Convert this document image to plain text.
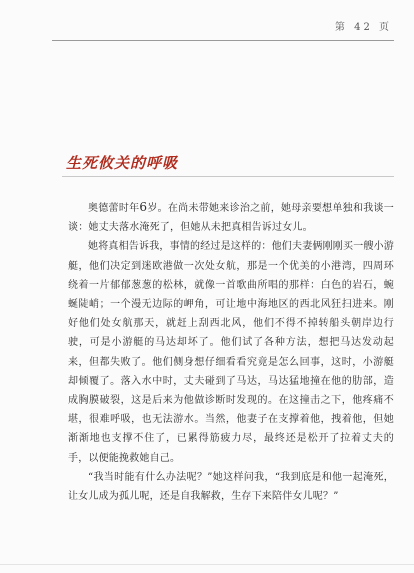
第 42 页
生死攸关的呼吸

奥德蕾时年6岁。在尚未带她来诊治之前，她母亲要想单独和我谈一谈：她丈夫落水淹死了，但她从未把真相告诉过女儿。

她将真相告诉我，事情的经过是这样的：他们夫妻俩刚刚买一艘小游艇，他们决定到迷欧港做一次处女航，那是一个优美的小港湾，四周环绕着一片郁郁葱葱的松林，就像一首歌曲所唱的那样：白色的岩石，蜿蜒陡峭；一个漫无边际的岬角，可让地中海地区的西北风狂扫进来。刚好他们处女航那天，就赶上刮西北风，他们不得不掉转船头朝岸边行驶，可是小游艇的马达却坏了。他们试了各种方法，想把马达发动起来，但都失败了。他们侧身想仔细看看究竟是怎么回事，这时，小游艇却倾覆了。落入水中时，丈夫碰到了马达，马达猛地撞在他的肋部，造成胸膜破裂，这是后来为他做诊断时发现的。在这撞击之下，他疼痛不堪，很难呼吸，也无法游水。当然，他妻子在支撑着他，拽着他，但她渐渐地也支撑不住了，已累得筋疲力尽，最终还是松开了拉着丈夫的手，以便能挽救她自己。

“我当时能有什么办法呢？”她这样问我，“我到底是和他一起淹死，让女儿成为孤儿呢，还是自我解救，生存下来陪伴女儿呢？”
